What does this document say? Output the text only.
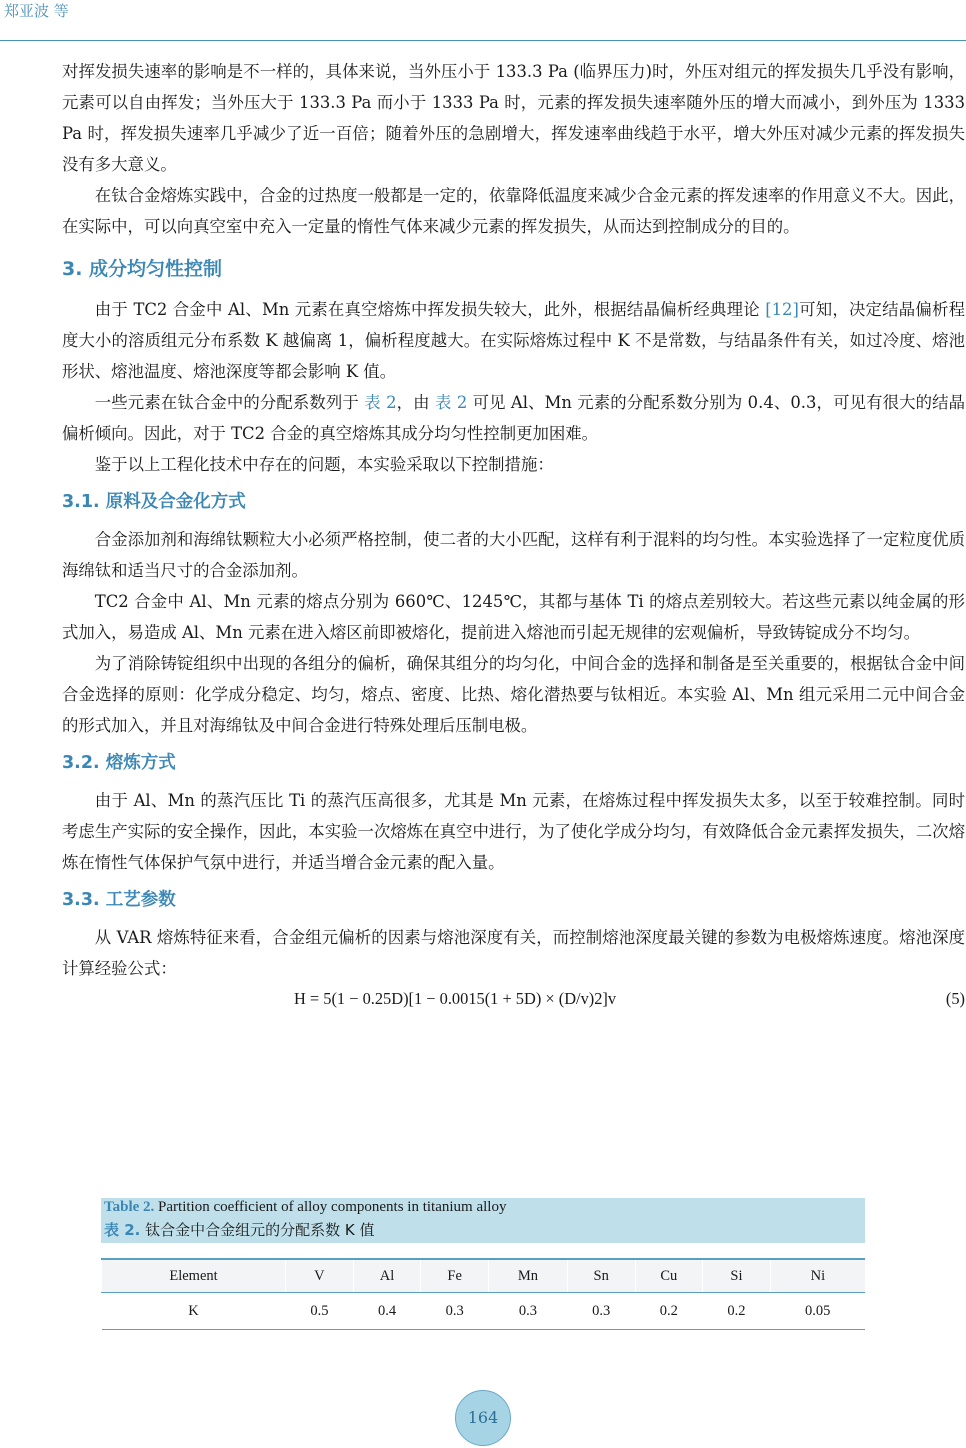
郑亚波 等

对挥发损失速率的影响是不一样的，具体来说，当外压小于 133.3 Pa (临界压力)时，外压对组元的挥发损失几乎没有影响，元素可以自由挥发；当外压大于 133.3 Pa 而小于 1333 Pa 时，元素的挥发损失速率随外压的增大而减小，到外压为 1333 Pa 时，挥发损失速率几乎减少了近一百倍；随着外压的急剧增大，挥发速率曲线趋于水平，增大外压对减少元素的挥发损失没有多大意义。

在钛合金熔炼实践中，合金的过热度一般都是一定的，依靠降低温度来减少合金元素的挥发速率的作用意义不大。因此，在实际中，可以向真空室中充入一定量的惰性气体来减少元素的挥发损失，从而达到控制成分的目的。

3. 成分均匀性控制

由于 TC2 合金中 Al、Mn 元素在真空熔炼中挥发损失较大，此外，根据结晶偏析经典理论 [12]可知，决定结晶偏析程度大小的溶质组元分布系数 K 越偏离 1，偏析程度越大。在实际熔炼过程中 K 不是常数，与结晶条件有关，如过冷度、熔池形状、熔池温度、熔池深度等都会影响 K 值。

一些元素在钛合金中的分配系数列于 表 2，由 表 2 可见 Al、Mn 元素的分配系数分别为 0.4、0.3，可见有很大的结晶偏析倾向。因此，对于 TC2 合金的真空熔炼其成分均匀性控制更加困难。

鉴于以上工程化技术中存在的问题，本实验采取以下控制措施：

3.1. 原料及合金化方式

合金添加剂和海绵钛颗粒大小必须严格控制，使二者的大小匹配，这样有利于混料的均匀性。本实验选择了一定粒度优质海绵钛和适当尺寸的合金添加剂。

TC2 合金中 Al、Mn 元素的熔点分别为 660℃、1245℃，其都与基体 Ti 的熔点差别较大。若这些元素以纯金属的形式加入，易造成 Al、Mn 元素在进入熔区前即被熔化，提前进入熔池而引起无规律的宏观偏析，导致铸锭成分不均匀。

为了消除铸锭组织中出现的各组分的偏析，确保其组分的均匀化，中间合金的选择和制备是至关重要的，根据钛合金中间合金选择的原则：化学成分稳定、均匀，熔点、密度、比热、熔化潜热要与钛相近。本实验 Al、Mn 组元采用二元中间合金的形式加入，并且对海绵钛及中间合金进行特殊处理后压制电极。

3.2. 熔炼方式

由于 Al、Mn 的蒸汽压比 Ti 的蒸汽压高很多，尤其是 Mn 元素，在熔炼过程中挥发损失太多，以至于较难控制。同时考虑生产实际的安全操作，因此，本实验一次熔炼在真空中进行，为了使化学成分均匀，有效降低合金元素挥发损失，二次熔炼在惰性气体保护气氛中进行，并适当增合金元素的配入量。

3.3. 工艺参数

从 VAR 熔炼特征来看，合金组元偏析的因素与熔池深度有关，而控制熔池深度最关键的参数为电极熔炼速度。熔池深度计算经验公式：

H = 5(1 − 0.25D)[1 − 0.0015(1 + 5D) × (D/v)2]v	(5)
Table 2. Partition coefficient of alloy components in titanium alloy
表 2. 钛合金中合金组元的分配系数 K 值
Element	V	Al	Fe	Mn	Sn	Cu	Si	Ni
K	0.5	0.4	0.3	0.3	0.3	0.2	0.2	0.05
164
